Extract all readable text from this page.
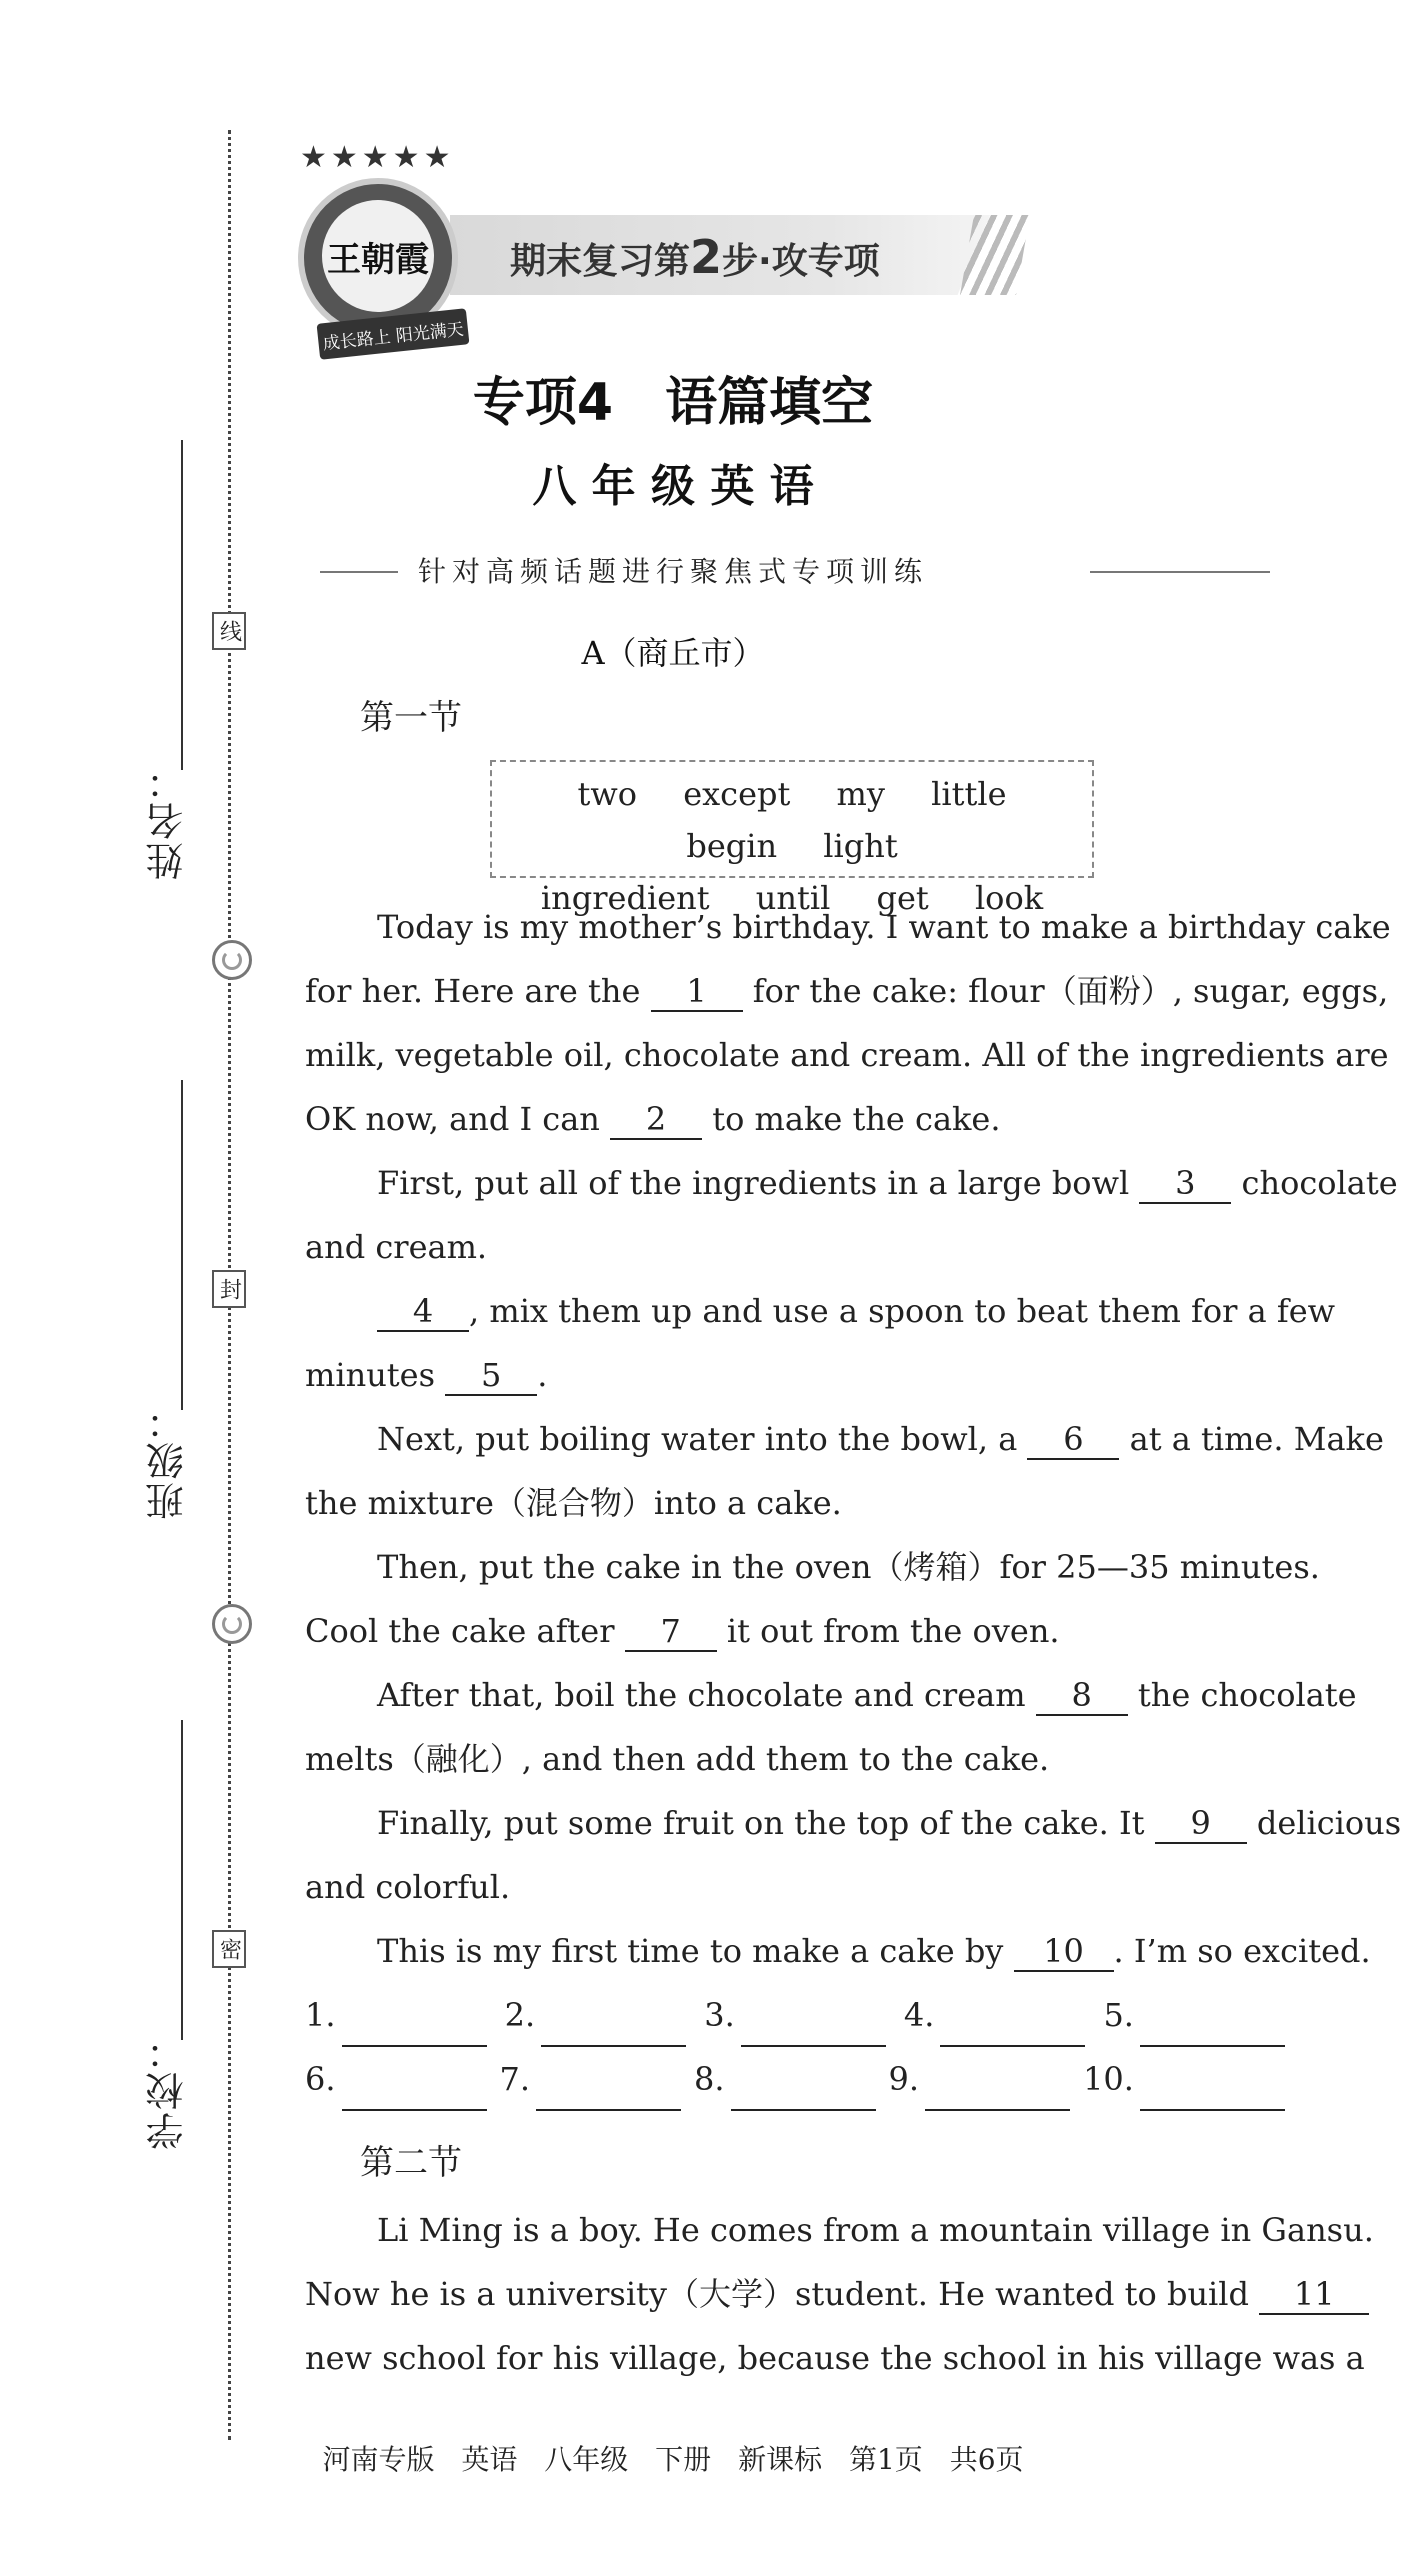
姓名：
班级：
学校：
线
封
密
期末复习第2步·攻专项
★★★★★
王朝霞
成长路上 阳光满天
专项4　语篇填空
八 年 级 英 语
针对高频话题进行聚焦式专项训练
A（商丘市）
第一节
two except my little begin light
ingredient until get look
Today is my mother’s birthday. I want to make a birthday cake
for her. Here are the 1 for the cake: flour（面粉）, sugar, eggs,
milk, vegetable oil, chocolate and cream. All of the ingredients are
OK now, and I can 2 to make the cake.
First, put all of the ingredients in a large bowl 3 chocolate
and cream.
4 , mix them up and use a spoon to beat them for a few
minutes 5 .
Next, put boiling water into the bowl, a 6 at a time. Make
the mixture（混合物）into a cake.
Then, put the cake in the oven（烤箱）for 25—35 minutes.
Cool the cake after 7 it out from the oven.
After that, boil the chocolate and cream 8 the chocolate
melts（融化）, and then add them to the cake.
Finally, put some fruit on the top of the cake. It 9 delicious
and colorful.
This is my first time to make a cake by 10 . I’m so excited.
1.	2.	3.	4.	5.
6.	7.	8.	9.	10.
第二节
Li Ming is a boy. He comes from a mountain village in Gansu.
Now he is a university（大学）student. He wanted to build 11
new school for his village, because the school in his village was a
河南专版 英语 八年级 下册 新课标 第1页 共6页
